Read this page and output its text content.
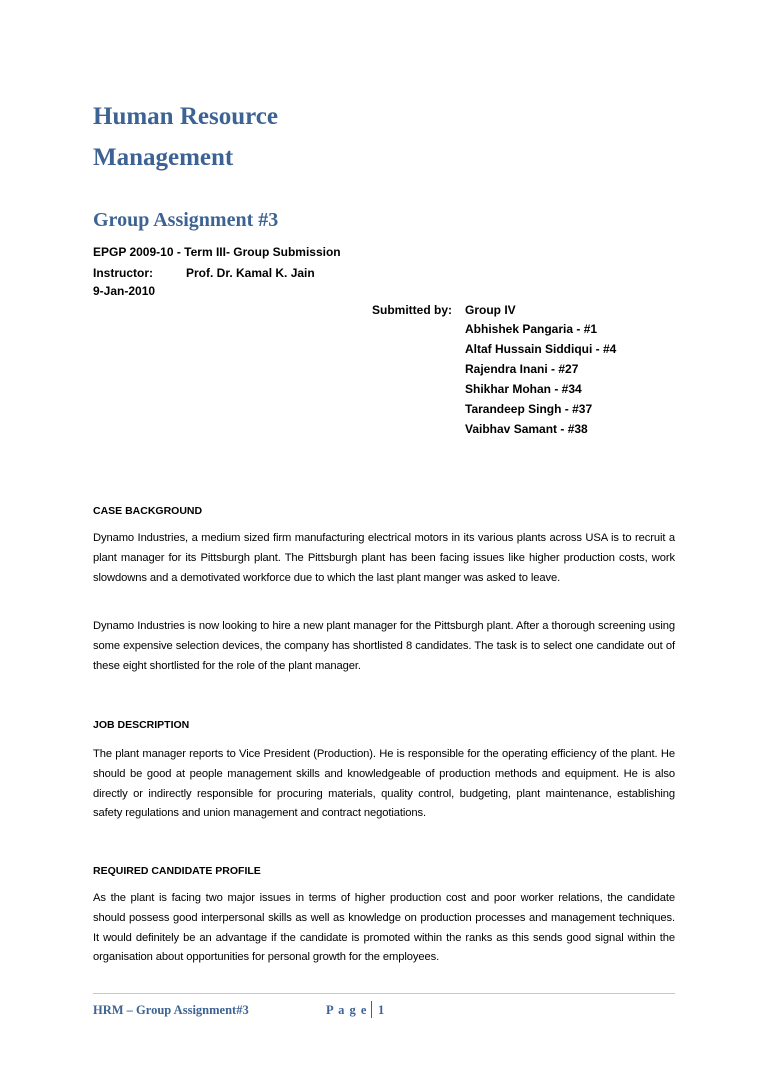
Human Resource
Management
Group Assignment #3
EPGP 2009-10 - Term III- Group Submission
Instructor:	Prof. Dr. Kamal K. Jain
9-Jan-2010
Submitted by: Group IV
Abhishek Pangaria - #1
Altaf Hussain Siddiqui - #4
Rajendra Inani - #27
Shikhar Mohan - #34
Tarandeep Singh - #37
Vaibhav Samant - #38
CASE BACKGROUND
Dynamo Industries, a medium sized firm manufacturing electrical motors in its various plants across USA is to recruit a plant manager for its Pittsburgh plant. The Pittsburgh plant has been facing issues like higher production costs, work slowdowns and a demotivated workforce due to which the last plant manger was asked to leave.
Dynamo Industries is now looking to hire a new plant manager for the Pittsburgh plant. After a thorough screening using some expensive selection devices, the company has shortlisted 8 candidates. The task is to select one candidate out of these eight shortlisted for the role of the plant manager.
JOB DESCRIPTION
The plant manager reports to Vice President (Production). He is responsible for the operating efficiency of the plant. He should be good at people management skills and knowledgeable of production methods and equipment. He is also directly or indirectly responsible for procuring materials, quality control, budgeting, plant maintenance, establishing safety regulations and union management and contract negotiations.
REQUIRED CANDIDATE PROFILE
As the plant is facing two major issues in terms of higher production cost and poor worker relations, the candidate should possess good interpersonal skills as well as knowledge on production processes and management techniques. It would definitely be an advantage if the candidate is promoted within the ranks as this sends good signal within the organisation about opportunities for personal growth for the employees.
HRM – Group Assignment#3	P a g e 1
